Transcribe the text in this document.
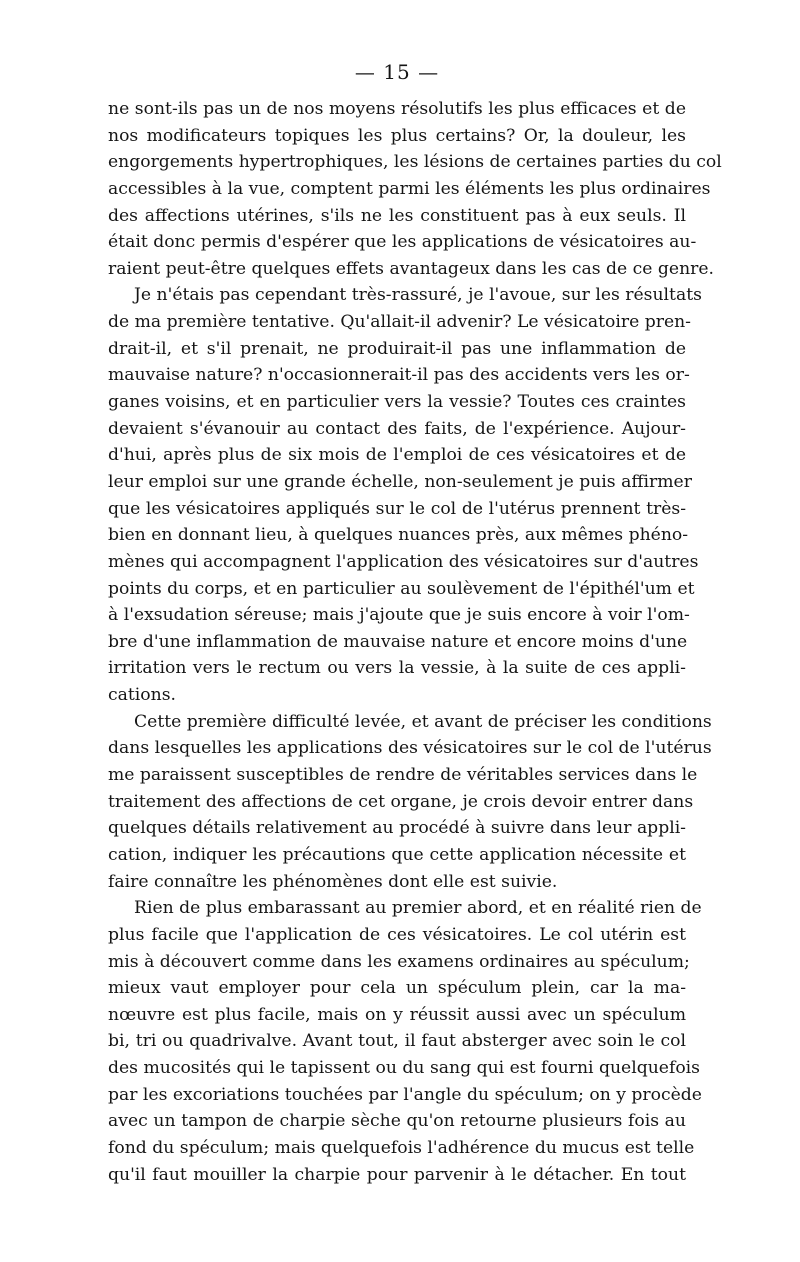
— 15 —

ne sont-ils pas un de nos moyens résolutifs les plus efficaces et de
nos modificateurs topiques les plus certains? Or, la douleur, les
engorgements hypertrophiques, les lésions de certaines parties du col
accessibles à la vue, comptent parmi les éléments les plus ordinaires
des affections utérines, s'ils ne les constituent pas à eux seuls. Il
était donc permis d'espérer que les applications de vésicatoires au-
raient peut-être quelques effets avantageux dans les cas de ce genre.

Je n'étais pas cependant très-rassuré, je l'avoue, sur les résultats
de ma première tentative. Qu'allait-il advenir? Le vésicatoire pren-
drait-il, et s'il prenait, ne produirait-il pas une inflammation de
mauvaise nature? n'occasionnerait-il pas des accidents vers les or-
ganes voisins, et en particulier vers la vessie? Toutes ces craintes
devaient s'évanouir au contact des faits, de l'expérience. Aujour-
d'hui, après plus de six mois de l'emploi de ces vésicatoires et de
leur emploi sur une grande échelle, non-seulement je puis affirmer
que les vésicatoires appliqués sur le col de l'utérus prennent très-
bien en donnant lieu, à quelques nuances près, aux mêmes phéno-
mènes qui accompagnent l'application des vésicatoires sur d'autres
points du corps, et en particulier au soulèvement de l'épithél'um et
à l'exsudation séreuse; mais j'ajoute que je suis encore à voir l'om-
bre d'une inflammation de mauvaise nature et encore moins d'une
irritation vers le rectum ou vers la vessie, à la suite de ces appli-
cations.

Cette première difficulté levée, et avant de préciser les conditions
dans lesquelles les applications des vésicatoires sur le col de l'utérus
me paraissent susceptibles de rendre de véritables services dans le
traitement des affections de cet organe, je crois devoir entrer dans
quelques détails relativement au procédé à suivre dans leur appli-
cation, indiquer les précautions que cette application nécessite et
faire connaître les phénomènes dont elle est suivie.

Rien de plus embarassant au premier abord, et en réalité rien de
plus facile que l'application de ces vésicatoires. Le col utérin est
mis à découvert comme dans les examens ordinaires au spéculum;
mieux vaut employer pour cela un spéculum plein, car la ma-
nœuvre est plus facile, mais on y réussit aussi avec un spéculum
bi, tri ou quadrivalve. Avant tout, il faut absterger avec soin le col
des mucosités qui le tapissent ou du sang qui est fourni quelquefois
par les excoriations touchées par l'angle du spéculum; on y procède
avec un tampon de charpie sèche qu'on retourne plusieurs fois au
fond du spéculum; mais quelquefois l'adhérence du mucus est telle
qu'il faut mouiller la charpie pour parvenir à le détacher. En tout
